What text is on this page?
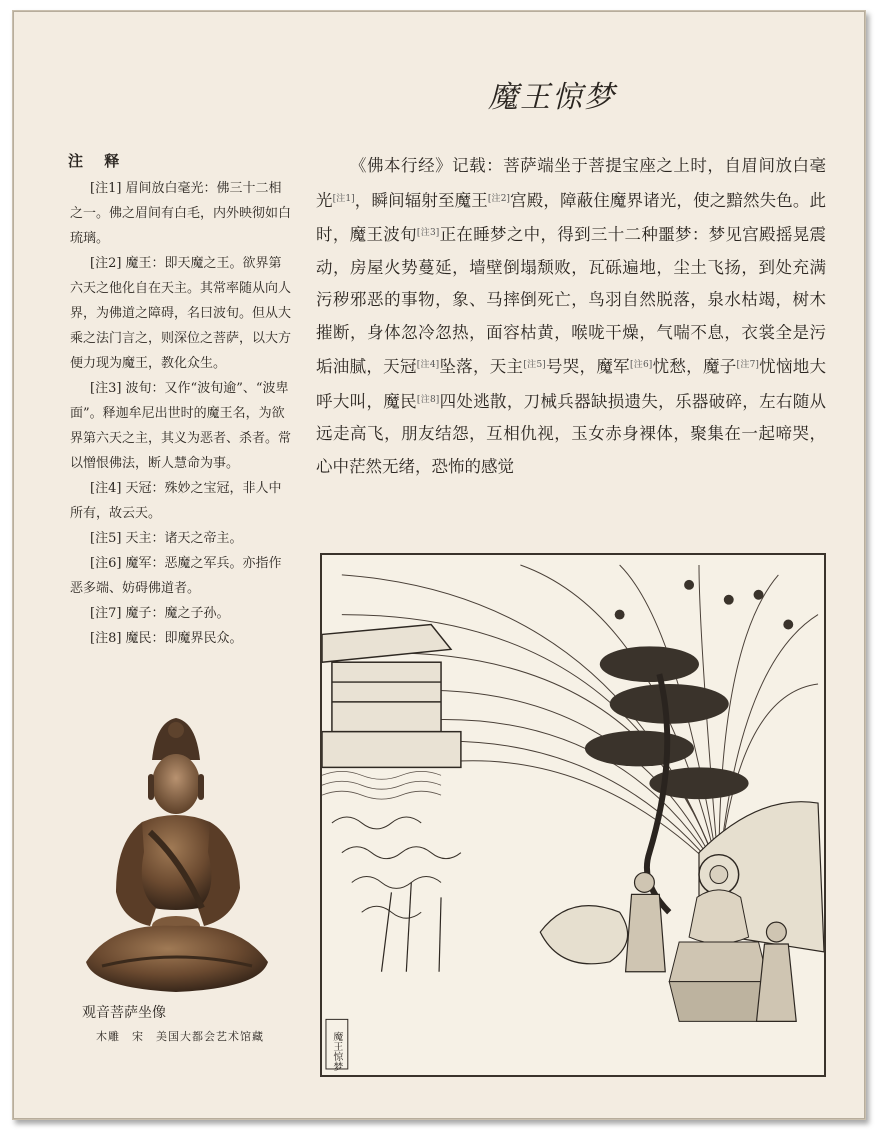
魔王惊梦
注 释

[注1] 眉间放白毫光：佛三十二相之一。佛之眉间有白毛，内外映彻如白琉璃。

[注2] 魔王：即天魔之王。欲界第六天之他化自在天主。其常率随从向人界，为佛道之障碍，名曰波旬。但从大乘之法门言之，则深位之菩萨，以大方便力现为魔王，教化众生。

[注3] 波旬：又作“波旬逾”、“波卑面”。释迦牟尼出世时的魔王名，为欲界第六天之主，其义为恶者、杀者。常以憎恨佛法，断人慧命为事。

[注4] 天冠：殊妙之宝冠，非人中所有，故云天。

[注5] 天主：诸天之帝主。

[注6] 魔军：恶魔之军兵。亦指作恶多端、妨碍佛道者。

[注7] 魔子：魔之子孙。

[注8] 魔民：即魔界民众。

《佛本行经》记载：菩萨端坐于菩提宝座之上时，自眉间放白毫光[注1]，瞬间辐射至魔王[注2]宫殿，障蔽住魔界诸光，使之黯然失色。此时，魔王波旬[注3]正在睡梦之中，得到三十二种噩梦：梦见宫殿摇晃震动，房屋火势蔓延，墙壁倒塌颓败，瓦砾遍地，尘土飞扬，到处充满污秽邪恶的事物，象、马摔倒死亡，鸟羽自然脱落，泉水枯竭，树木摧断，身体忽冷忽热，面容枯黄，喉咙干燥，气喘不息，衣裳全是污垢油腻，天冠[注4]坠落，天主[注5]号哭，魔军[注6]忧愁，魔子[注7]忧恼地大呼大叫，魔民[注8]四处逃散，刀械兵器缺损遗失，乐器破碎，左右随从远走高飞，朋友结怨，互相仇视，玉女赤身裸体，聚集在一起啼哭，心中茫然无绪，恐怖的感觉
观音菩萨坐像
木雕　宋　美国大都会艺术馆藏	魔王惊梦
